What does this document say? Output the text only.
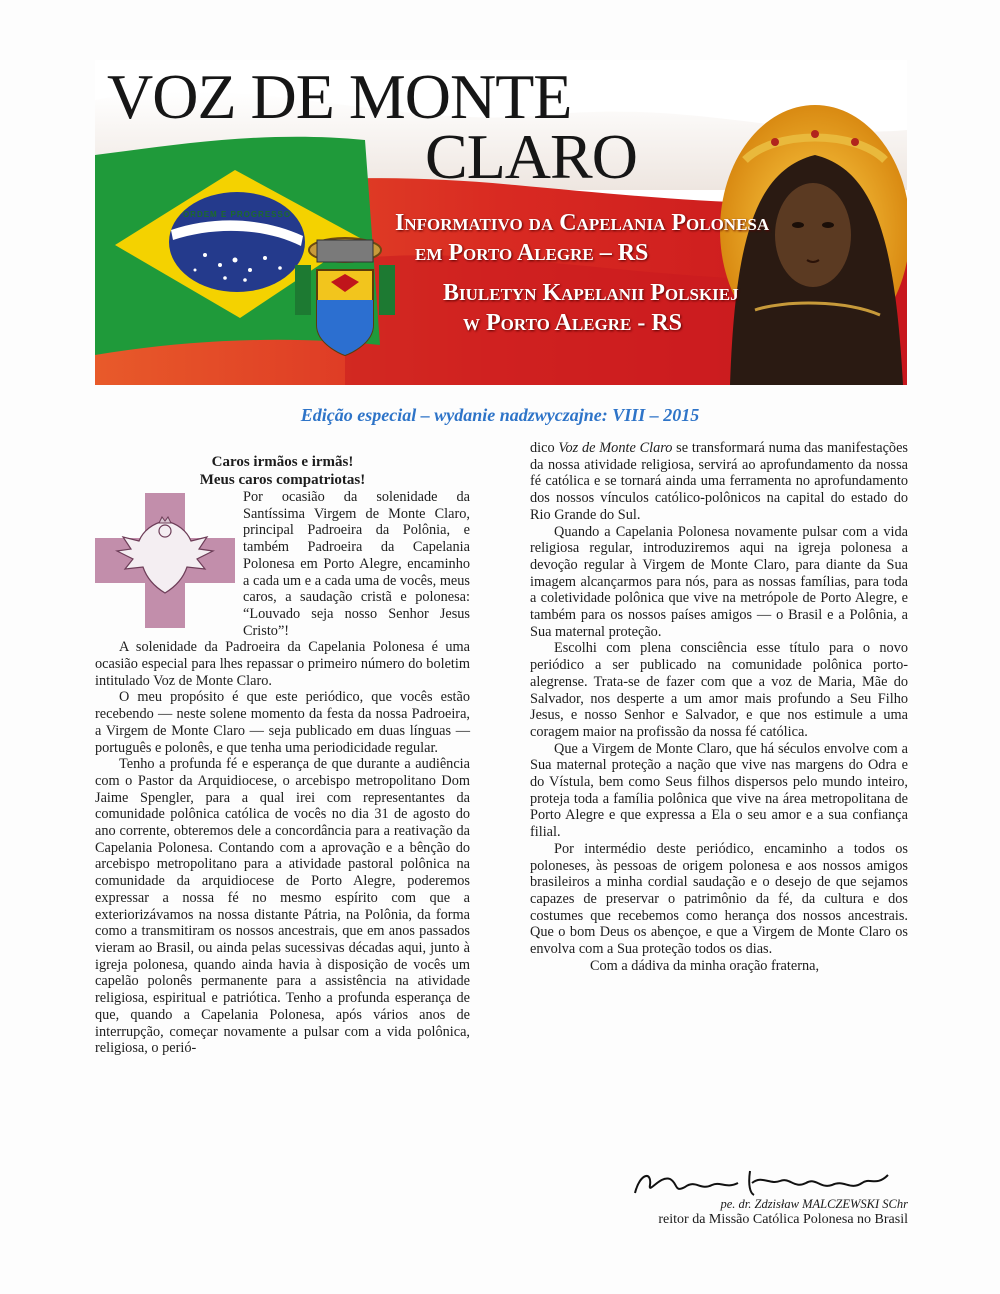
VOZ DE MONTE
CLARO
ORDEM E PROGRESSO	Informativo da Capelania Polonesa
em Porto Alegre – RS
Biuletyn Kapelanii Polskiej
w Porto Alegre - RS
Edição especial – wydanie nadzwyczajne: VIII – 2015
Caros irmãos e irmãs!
Meus caros compatriotas!

Por ocasião da solenidade da Santíssima Virgem de Monte Claro, principal Padroeira da Polônia, e também Padroeira da Capelania Polonesa em Porto Alegre, encaminho a cada um e a cada uma de vocês, meus caros, a saudação cristã e polonesa: “Louvado seja nosso Senhor Jesus Cristo”!

A solenidade da Padroeira da Capelania Polonesa é uma ocasião especial para lhes repassar o primeiro número do boletim intitulado Voz de Monte Claro.

O meu propósito é que este periódico, que vocês estão recebendo — neste solene momento da festa da nossa Padroeira, a Virgem de Monte Claro — seja publicado em duas línguas — português e polonês, e que tenha uma periodicidade regular.

Tenho a profunda fé e esperança de que durante a audiência com o Pastor da Arquidiocese, o arcebispo metropolitano Dom Jaime Spengler, para a qual irei com representantes da comunidade polônica católica de vocês no dia 31 de agosto do ano corrente, obteremos dele a concordância para a reativação da Capelania Polonesa. Contando com a aprovação e a bênção do arcebispo metropolitano para a atividade pastoral polônica na comunidade da arquidiocese de Porto Alegre, poderemos expressar a nossa fé no mesmo espírito com que a exteriorizávamos na nossa distante Pátria, na Polônia, da forma como a transmitiram os nossos ancestrais, que em anos passados vieram ao Brasil, ou ainda pelas sucessivas décadas aqui, junto à igreja polonesa, quando ainda havia à disposição de vocês um capelão polonês permanente para a assistência na atividade religiosa, espiritual e patriótica. Tenho a profunda esperança de que, quando a Capelania Polonesa, após vários anos de interrupção, começar novamente a pulsar com a vida polônica, religiosa, o perió-

dico Voz de Monte Claro se transformará numa das manifestações da nossa atividade religiosa, servirá ao aprofundamento da nossa fé católica e se tornará ainda uma ferramenta no aprofundamento dos nossos vínculos católico-polônicos na capital do estado do Rio Grande do Sul.

Quando a Capelania Polonesa novamente pulsar com a vida religiosa regular, introduziremos aqui na igreja polonesa a devoção regular à Virgem de Monte Claro, para diante da Sua imagem alcançarmos para nós, para as nossas famílias, para toda a coletividade polônica que vive na metrópole de Porto Alegre, e também para os nossos países amigos — o Brasil e a Polônia, a Sua maternal proteção.

Escolhi com plena consciência esse título para o novo periódico a ser publicado na comunidade polônica porto-alegrense. Trata-se de fazer com que a voz de Maria, Mãe do Salvador, nos desperte a um amor mais profundo a Seu Filho Jesus, e nosso Senhor e Salvador, e que nos estimule a uma coragem maior na profissão da nossa fé católica.

Que a Virgem de Monte Claro, que há séculos envolve com a Sua maternal proteção a nação que vive nas margens do Odra e do Vístula, bem como Seus filhos dispersos pelo mundo inteiro, proteja toda a família polônica que vive na área metropolitana de Porto Alegre e que expressa a Ela o seu amor e a sua confiança filial.

Por intermédio deste periódico, encaminho a todos os poloneses, às pessoas de origem polonesa e aos nossos amigos brasileiros a minha cordial saudação e o desejo de que sejamos capazes de preservar o patrimônio da fé, da cultura e dos costumes que recebemos como herança dos nossos ancestrais. Que o bom Deus os abençoe, e que a Virgem de Monte Claro os envolva com a Sua proteção todos os dias.

Com a dádiva da minha oração fraterna,

pe. dr. Zdzisław MALCZEWSKI SChr
reitor da Missão Católica Polonesa no Brasil
